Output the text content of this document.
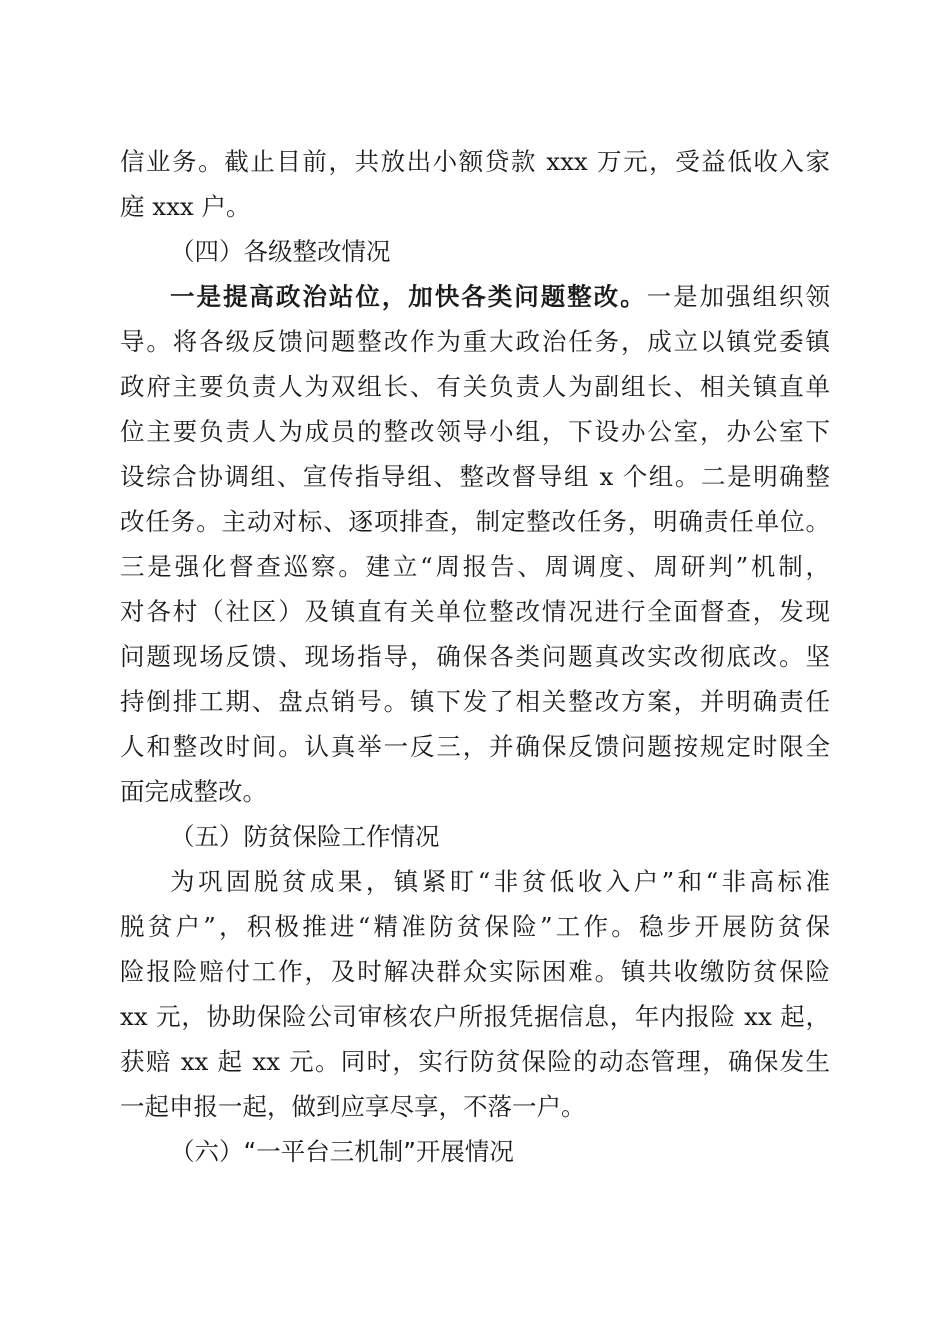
信业务。截止目前，共放出小额贷款 xxx 万元，受益低收入家
庭 xxx 户。
（四）各级整改情况
一是提高政治站位，加快各类问题整改。一是加强组织领
导。将各级反馈问题整改作为重大政治任务，成立以镇党委镇
政府主要负责人为双组长、有关负责人为副组长、相关镇直单
位主要负责人为成员的整改领导小组，下设办公室，办公室下
设综合协调组、宣传指导组、整改督导组 x 个组。二是明确整
改任务。主动对标、逐项排查，制定整改任务，明确责任单位。
三是强化督查巡察。建立“周报告、周调度、周研判”机制，
对各村（社区）及镇直有关单位整改情况进行全面督查，发现
问题现场反馈、现场指导，确保各类问题真改实改彻底改。坚
持倒排工期、盘点销号。镇下发了相关整改方案，并明确责任
人和整改时间。认真举一反三，并确保反馈问题按规定时限全
面完成整改。
（五）防贫保险工作情况
为巩固脱贫成果，镇紧盯“非贫低收入户”和“非高标准
脱贫户”，积极推进“精准防贫保险”工作。稳步开展防贫保
险报险赔付工作，及时解决群众实际困难。镇共收缴防贫保险
xx 元，协助保险公司审核农户所报凭据信息，年内报险 xx 起，
获赔 xx 起 xx 元。同时，实行防贫保险的动态管理，确保发生
一起申报一起，做到应享尽享，不落一户。
（六）“一平台三机制”开展情况
